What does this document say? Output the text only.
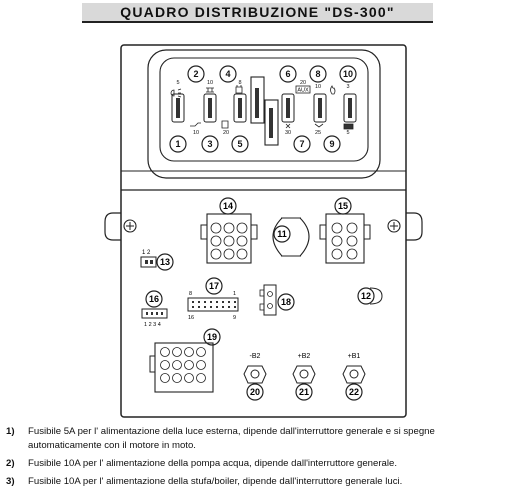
QUADRO DISTRIBUZIONE "DS-300"
2	4	6	8 10
5	10	8	20
10	3
AUX
1	3	5	7	9
10	20	30	25	5
14
11
15
1 2
13
16
1 2 3 4
17
8	1
16	9
18
12
19
-B2
20
+B2
21
+B1
22
1)	Fusibile 5A per l' alimentazione della luce esterna, dipende dall'interruttore generale e si spegne automaticamente con il motore in moto.
2)	Fusibile 10A per l' alimentazione della pompa acqua, dipende dall'interruttore generale.
3)	Fusibile 10A per l' alimentazione della stufa/boiler, dipende dall'interruttore generale luci.
